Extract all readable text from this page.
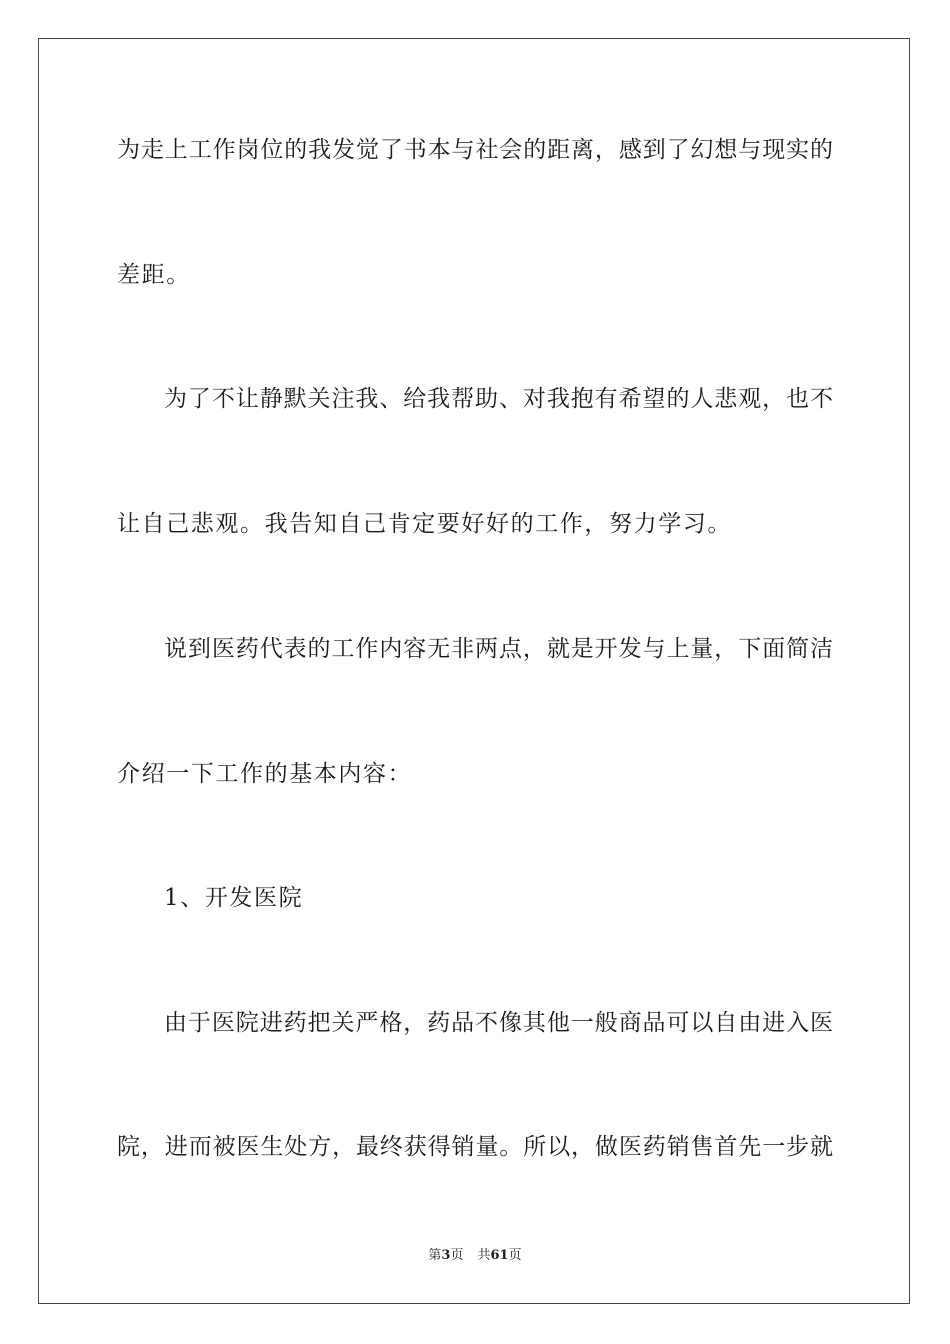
为走上工作岗位的我发觉了书本与社会的距离，感到了幻想与现实的
差距。
为了不让静默关注我、给我帮助、对我抱有希望的人悲观，也不
让自己悲观。我告知自己肯定要好好的工作，努力学习。
说到医药代表的工作内容无非两点，就是开发与上量，下面简洁
介绍一下工作的基本内容：
1、开发医院
由于医院进药把关严格，药品不像其他一般商品可以自由进入医
院，进而被医生处方，最终获得销量。所以，做医药销售首先一步就
第3页 共61页
